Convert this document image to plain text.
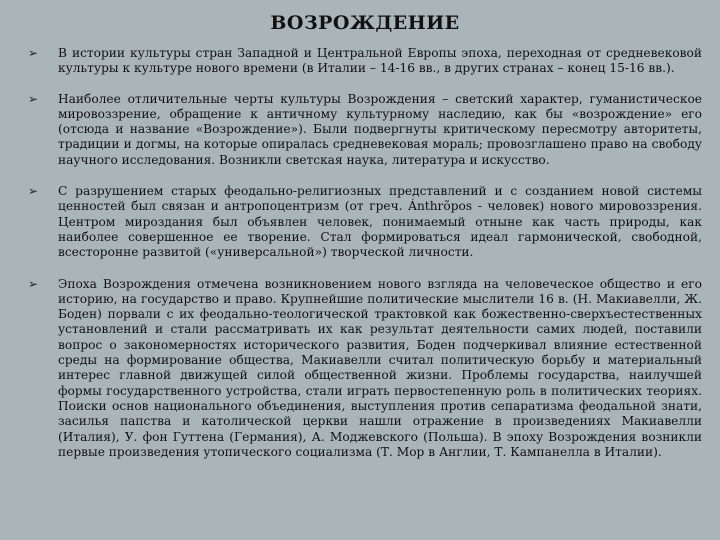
ВОЗРОЖДЕНИЕ
➢	В истории культуры стран Западной и Центральной Европы эпоха, переходная от средневековой культуры к культуре нового времени (в Италии – 14-16 вв., в других странах – конец 15-16 вв.).
➢	Наиболее отличительные черты культуры Возрождения – светский характер, гуманистическое мировоззрение, обращение к античному культурному наследию, как бы «возрождение» его (отсюда и название «Возрождение»). Были подвергнуты критическому пересмотру авторитеты, традиции и догмы, на которые опиралась средневековая мораль; провозглашено право на свободу научного исследования. Возникли светская наука, литература и искусство.
➢	С разрушением старых феодально-религиозных представлений и с созданием новой системы ценностей был связан и антропоцентризм (от греч. Ánthrõpos - человек) нового мировоззрения. Центром мироздания был объявлен человек, понимаемый отныне как часть природы, как наиболее совершенное ее творение. Стал формироваться идеал гармонической, свободной, всесторонне развитой («универсальной») творческой личности.
➢	Эпоха Возрождения отмечена возникновением нового взгляда на человеческое общество и его историю, на государство и право. Крупнейшие политические мыслители 16 в. (Н. Макиавелли, Ж. Боден) порвали с их феодально-теологической трактовкой как божественно-сверхъестественных установлений и стали рассматривать их как результат деятельности самих людей, поставили вопрос о закономерностях исторического развития, Боден подчеркивал влияние естественной среды на формирование общества, Макиавелли считал политическую борьбу и материальный интерес главной движущей силой общественной жизни. Проблемы государства, наилучшей формы государственного устройства, стали играть первостепенную роль в политических теориях. Поиски основ национального объединения, выступления против сепаратизма феодальной знати, засилья папства и католической церкви нашли отражение в произведениях Макиавелли (Италия), У. фон Гуттена (Германия), А. Моджевского (Польша). В эпоху Возрождения возникли первые произведения утопического социализма (Т. Мор в Англии, Т. Кампанелла в Италии).
